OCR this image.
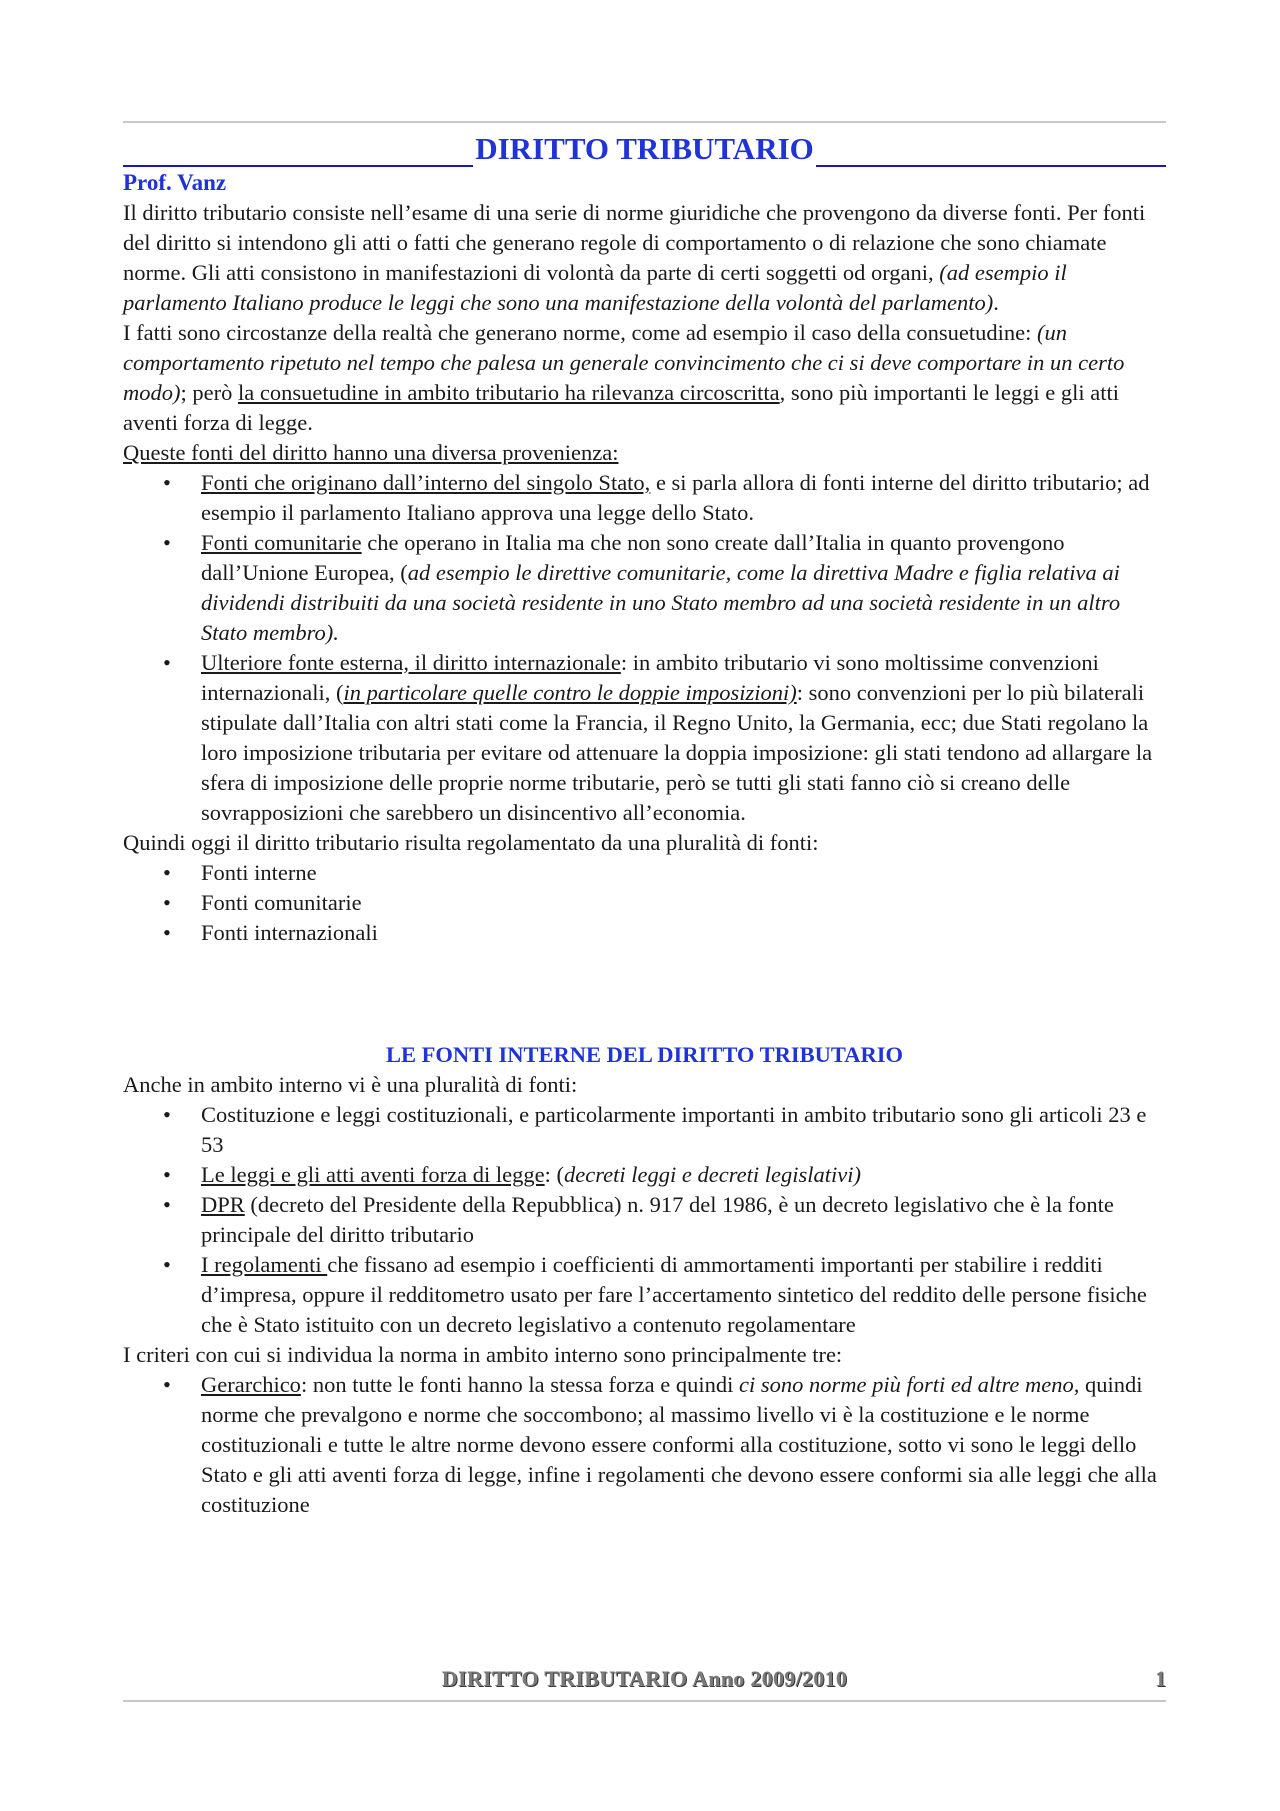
DIRITTO TRIBUTARIO

Prof. Vanz

Il diritto tributario consiste nell’esame di una serie di norme giuridiche che provengono da diverse fonti. Per fonti del diritto si intendono gli atti o fatti che generano regole di comportamento o di relazione che sono chiamate norme. Gli atti consistono in manifestazioni di volontà da parte di certi soggetti od organi, (ad esempio il parlamento Italiano produce le leggi che sono una manifestazione della volontà del parlamento).

I fatti sono circostanze della realtà che generano norme, come ad esempio il caso della consuetudine: (un comportamento ripetuto nel tempo che palesa un generale convincimento che ci si deve comportare in un certo modo); però la consuetudine in ambito tributario ha rilevanza circoscritta, sono più importanti le leggi e gli atti aventi forza di legge.

Queste fonti del diritto hanno una diversa provenienza:

•	Fonti che originano dall’interno del singolo Stato, e si parla allora di fonti interne del diritto tributario; ad esempio il parlamento Italiano approva una legge dello Stato.
•	Fonti comunitarie che operano in Italia ma che non sono create dall’Italia in quanto provengono dall’Unione Europea, (ad esempio le direttive comunitarie, come la direttiva Madre e figlia relativa ai dividendi distribuiti da una società residente in uno Stato membro ad una società residente in un altro Stato membro).
•	Ulteriore fonte esterna, il diritto internazionale: in ambito tributario vi sono moltissime convenzioni internazionali, (in particolare quelle contro le doppie imposizioni): sono convenzioni per lo più bilaterali stipulate dall’Italia con altri stati come la Francia, il Regno Unito, la Germania, ecc; due Stati regolano la loro imposizione tributaria per evitare od attenuare la doppia imposizione: gli stati tendono ad allargare la sfera di imposizione delle proprie norme tributarie, però se tutti gli stati fanno ciò si creano delle sovrapposizioni che sarebbero un disincentivo all’economia.

Quindi oggi il diritto tributario risulta regolamentato da una pluralità di fonti:

•	Fonti interne
•	Fonti comunitarie
•	Fonti internazionali

LE FONTI INTERNE DEL DIRITTO TRIBUTARIO

Anche in ambito interno vi è una pluralità di fonti:

•	Costituzione e leggi costituzionali, e particolarmente importanti in ambito tributario sono gli articoli 23 e 53
•	Le leggi e gli atti aventi forza di legge: (decreti leggi e decreti legislativi)
•	DPR (decreto del Presidente della Repubblica) n. 917 del 1986, è un decreto legislativo che è la fonte principale del diritto tributario
•	I regolamenti che fissano ad esempio i coefficienti di ammortamenti importanti per stabilire i redditi d’impresa, oppure il redditometro usato per fare l’accertamento sintetico del reddito delle persone fisiche che è Stato istituito con un decreto legislativo a contenuto regolamentare

I criteri con cui si individua la norma in ambito interno sono principalmente tre:

•	Gerarchico: non tutte le fonti hanno la stessa forza e quindi ci sono norme più forti ed altre meno, quindi norme che prevalgono e norme che soccombono; al massimo livello vi è la costituzione e le norme costituzionali e tutte le altre norme devono essere conformi alla costituzione, sotto vi sono le leggi dello Stato e gli atti aventi forza di legge, infine i regolamenti che devono essere conformi sia alle leggi che alla costituzione
DIRITTO TRIBUTARIO Anno 2009/2010	1
